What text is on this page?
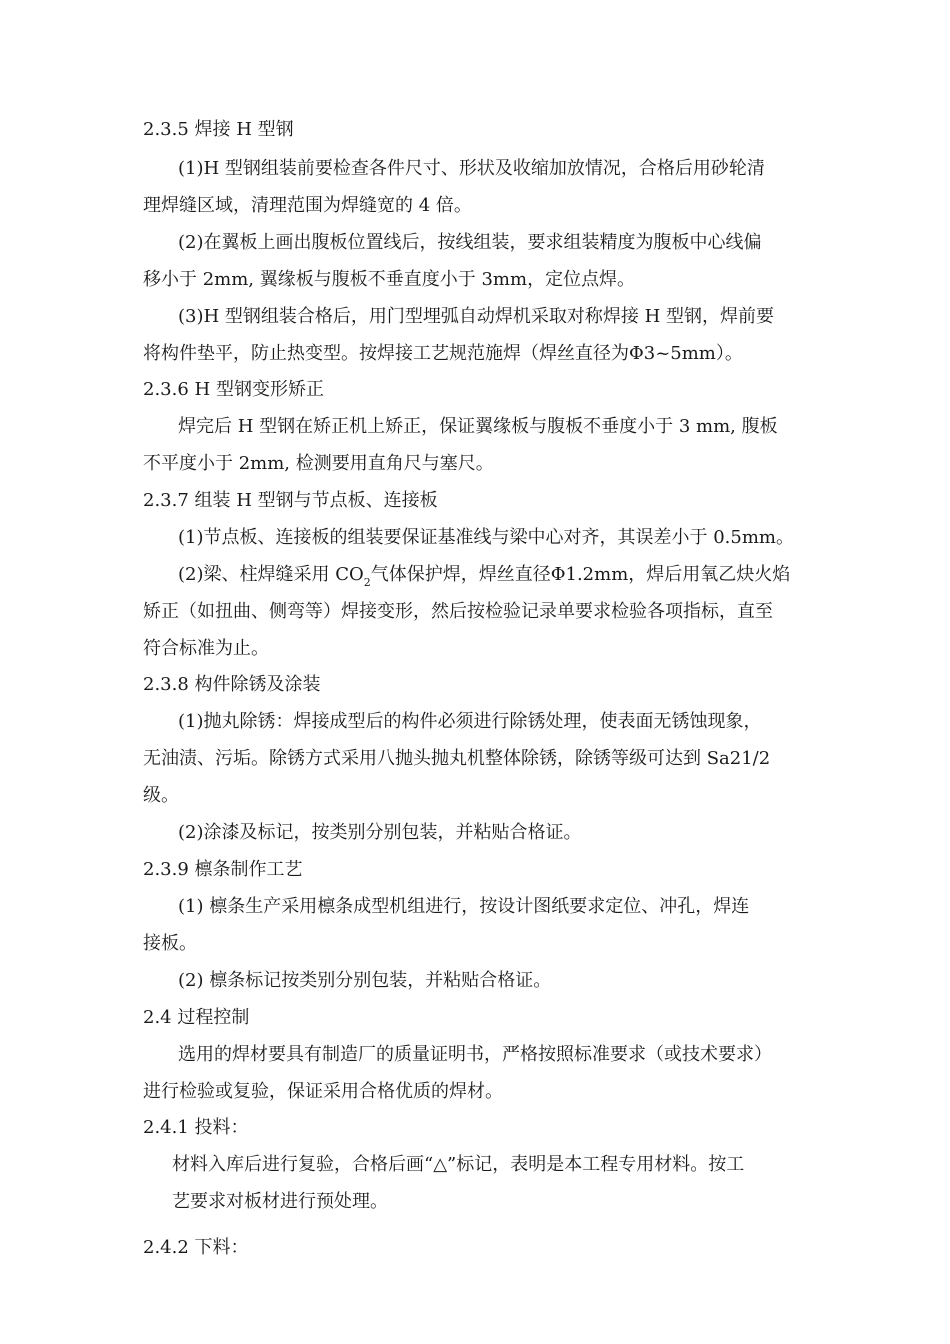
2.3.5 焊接 H 型钢
(1)H 型钢组装前要检查各件尺寸、形状及收缩加放情况，合格后用砂轮清
理焊缝区域，清理范围为焊缝宽的 4 倍。
(2)在翼板上画出腹板位置线后，按线组装，要求组装精度为腹板中心线偏
移小于 2mm, 翼缘板与腹板不垂直度小于 3mm，定位点焊。
(3)H 型钢组装合格后，用门型埋弧自动焊机采取对称焊接 H 型钢，焊前要
将构件垫平，防止热变型。按焊接工艺规范施焊（焊丝直径为Φ3~5mm）。
2.3.6 H 型钢变形矫正
焊完后 H 型钢在矫正机上矫正，保证翼缘板与腹板不垂度小于 3 mm, 腹板
不平度小于 2mm, 检测要用直角尺与塞尺。
2.3.7 组装 H 型钢与节点板、连接板
(1)节点板、连接板的组装要保证基准线与梁中心对齐，其误差小于 0.5mm。
(2)梁、柱焊缝采用 $CO_2$气体保护焊，焊丝直径Φ1.2mm，焊后用氧乙炔火焰
矫正（如扭曲、侧弯等）焊接变形，然后按检验记录单要求检验各项指标，直至
符合标准为止。
2.3.8 构件除锈及涂装
(1)抛丸除锈：焊接成型后的构件必须进行除锈处理，使表面无锈蚀现象，
无油渍、污垢。除锈方式采用八抛头抛丸机整体除锈，除锈等级可达到 Sa21/2
级。
(2)涂漆及标记，按类别分别包装，并粘贴合格证。
2.3.9 檩条制作工艺
(1) 檩条生产采用檩条成型机组进行，按设计图纸要求定位、冲孔，焊连
接板。
(2) 檩条标记按类别分别包装，并粘贴合格证。
2.4 过程控制
选用的焊材要具有制造厂的质量证明书，严格按照标准要求（或技术要求）
进行检验或复验，保证采用合格优质的焊材。
2.4.1 投料：
材料入库后进行复验，合格后画“△”标记，表明是本工程专用材料。按工
艺要求对板材进行预处理。
2.4.2 下料：
